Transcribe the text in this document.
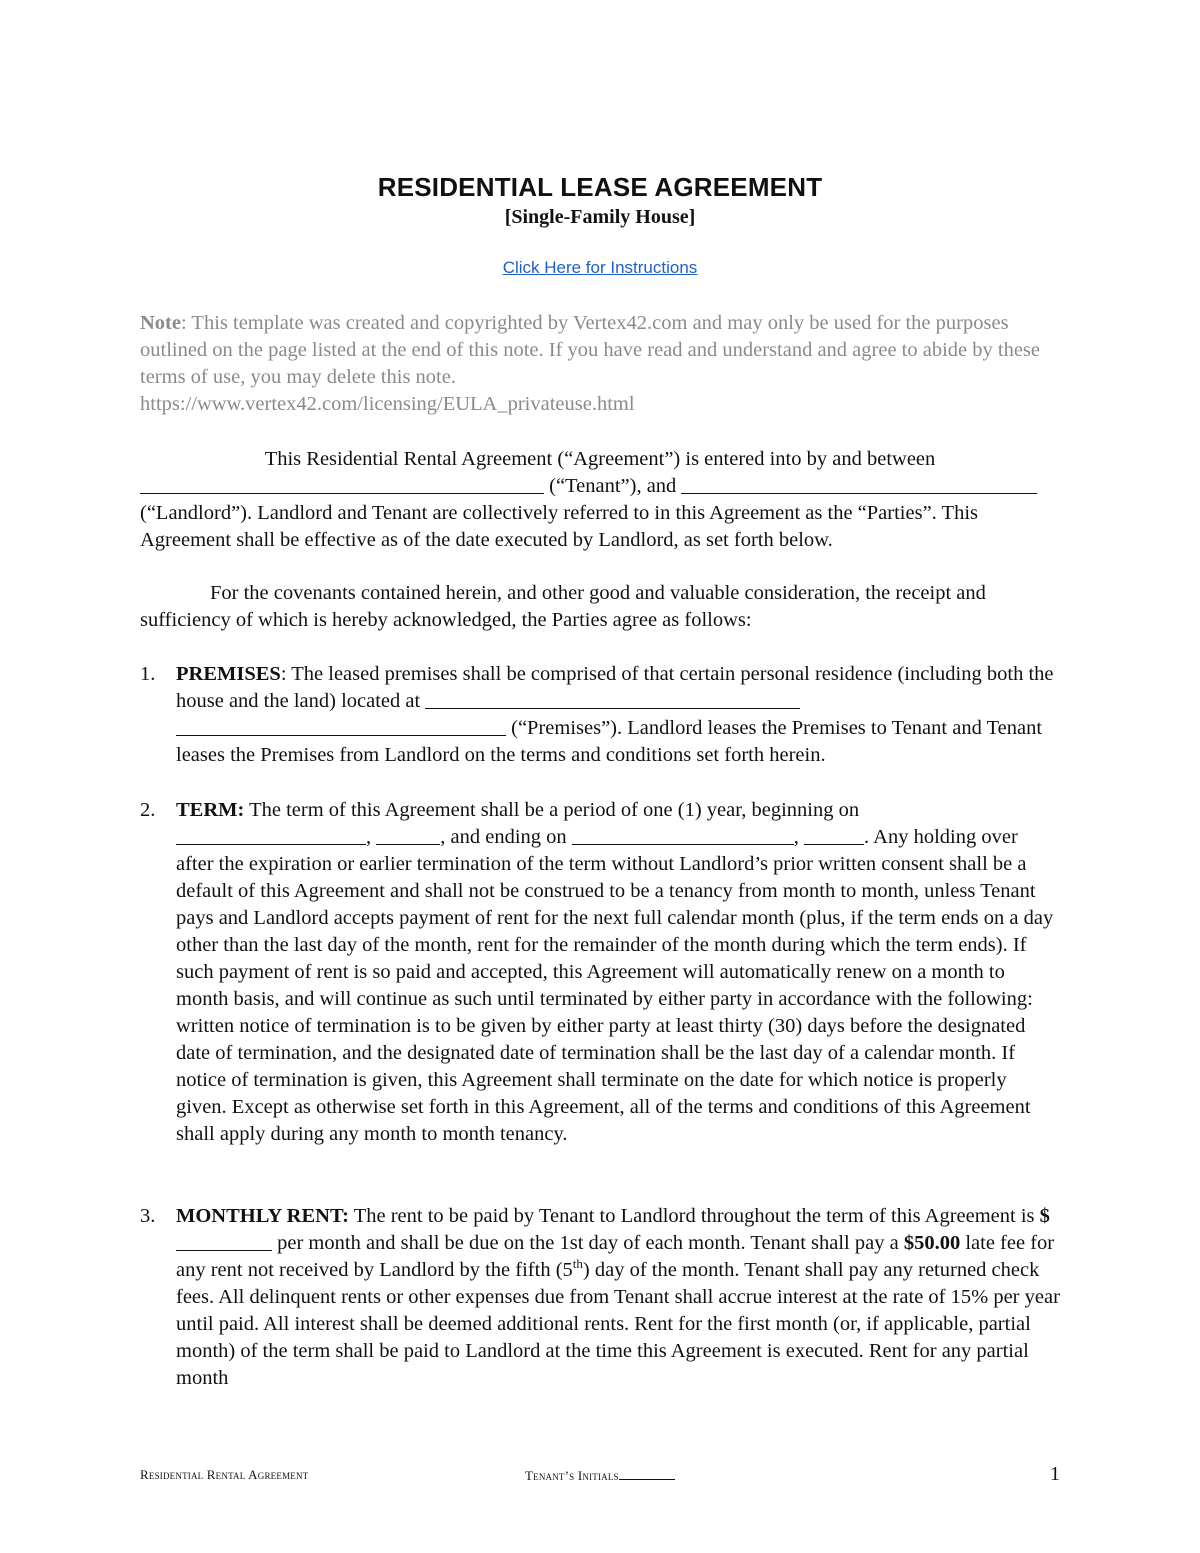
RESIDENTIAL LEASE AGREEMENT
[Single-Family House]
Click Here for Instructions
Note: This template was created and copyrighted by Vertex42.com and may only be used for the purposes outlined on the page listed at the end of this note. If you have read and understand and agree to abide by these terms of use, you may delete this note.
https://www.vertex42.com/licensing/EULA_privateuse.html
This Residential Rental Agreement (“Agreement”) is entered into by and between
(“Tenant”), and
(“Landlord”). Landlord and Tenant are collectively referred to in this Agreement as the “Parties”. This Agreement shall be effective as of the date executed by Landlord, as set forth below.
For the covenants contained herein, and other good and valuable consideration, the receipt and sufficiency of which is hereby acknowledged, the Parties agree as follows:
1. PREMISES: The leased premises shall be comprised of that certain personal residence (including both the house and the land) located at
(“Premises”). Landlord leases the Premises to Tenant and Tenant leases the Premises from Landlord on the terms and conditions set forth herein.
2. TERM: The term of this Agreement shall be a period of one (1) year, beginning on
,	, and ending on	,	. Any holding over after the expiration or earlier termination of the term without Landlord’s prior written consent shall be a default of this Agreement and shall not be construed to be a tenancy from month to month, unless Tenant pays and Landlord accepts payment of rent for the next full calendar month (plus, if the term ends on a day other than the last day of the month, rent for the remainder of the month during which the term ends). If such payment of rent is so paid and accepted, this Agreement will automatically renew on a month to month basis, and will continue as such until terminated by either party in accordance with the following: written notice of termination is to be given by either party at least thirty (30) days before the designated date of termination, and the designated date of termination shall be the last day of a calendar month. If notice of termination is given, this Agreement shall terminate on the date for which notice is properly given. Except as otherwise set forth in this Agreement, all of the terms and conditions of this Agreement shall apply during any month to month tenancy.
3. MONTHLY RENT: The rent to be paid by Tenant to Landlord throughout the term of this Agreement is $ per month and shall be due on the 1st day of each month. Tenant shall pay a $50.00 late fee for any rent not received by Landlord by the fifth (5th) day of the month. Tenant shall pay any returned check fees. All delinquent rents or other expenses due from Tenant shall accrue interest at the rate of 15% per year until paid. All interest shall be deemed additional rents. Rent for the first month (or, if applicable, partial month) of the term shall be paid to Landlord at the time this Agreement is executed. Rent for any partial month
Residential Rental Agreement	Tenant’s Initials	1
